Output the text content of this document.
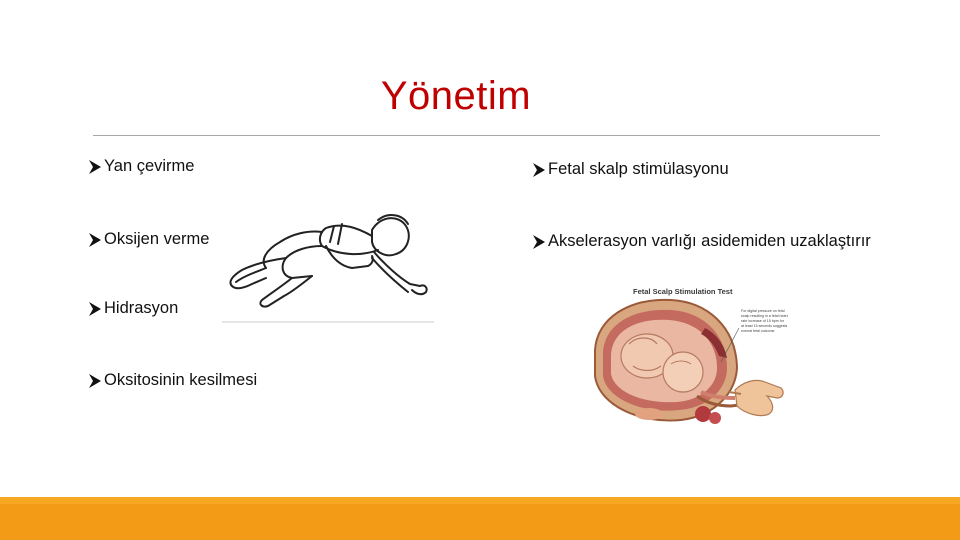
Yönetim
Yan çevirme
Oksijen verme
Hidrasyon
Oksitosinin kesilmesi
Fetal skalp stimülasyonu
Akselerasyon varlığı asidemiden uzaklaştırır
Fetal Scalp Stimulation Test
For digital pressure on fetal scalp resulting in a fetal heart rate increase of 15 bpm for at least 15 seconds suggests normal fetal outcome
